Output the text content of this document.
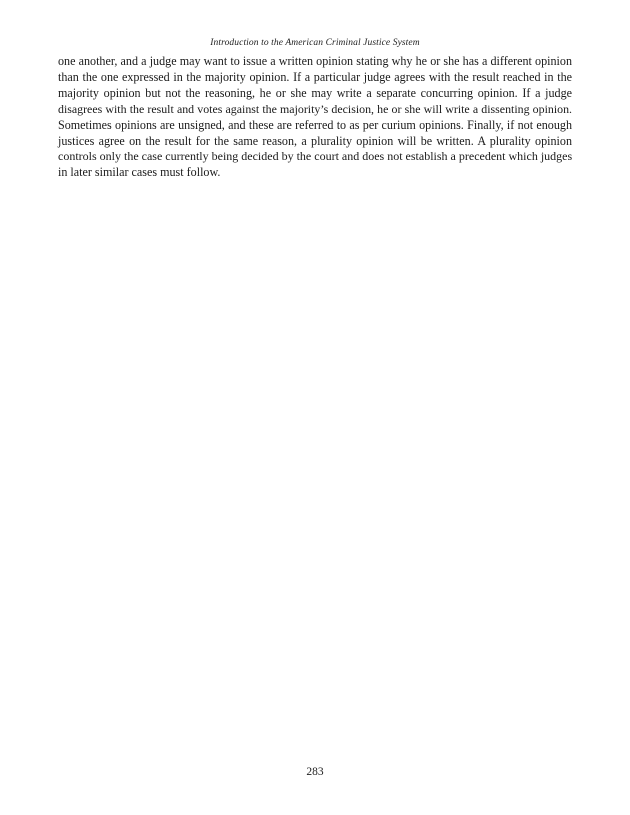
Introduction to the American Criminal Justice System

one another, and a judge may want to issue a written opinion stating why he or she has a different opinion
than the one expressed in the majority opinion. If a particular judge agrees with the result reached in the
majority opinion but not the reasoning, he or she may write a separate concurring opinion. If a judge
disagrees with the result and votes against the majority’s decision, he or she will write a dissenting opinion.
Sometimes opinions are unsigned, and these are referred to as per curium opinions. Finally, if not enough
justices agree on the result for the same reason, a plurality opinion will be written. A plurality opinion
controls only the case currently being decided by the court and does not establish a precedent which judges
in later similar cases must follow.

283
